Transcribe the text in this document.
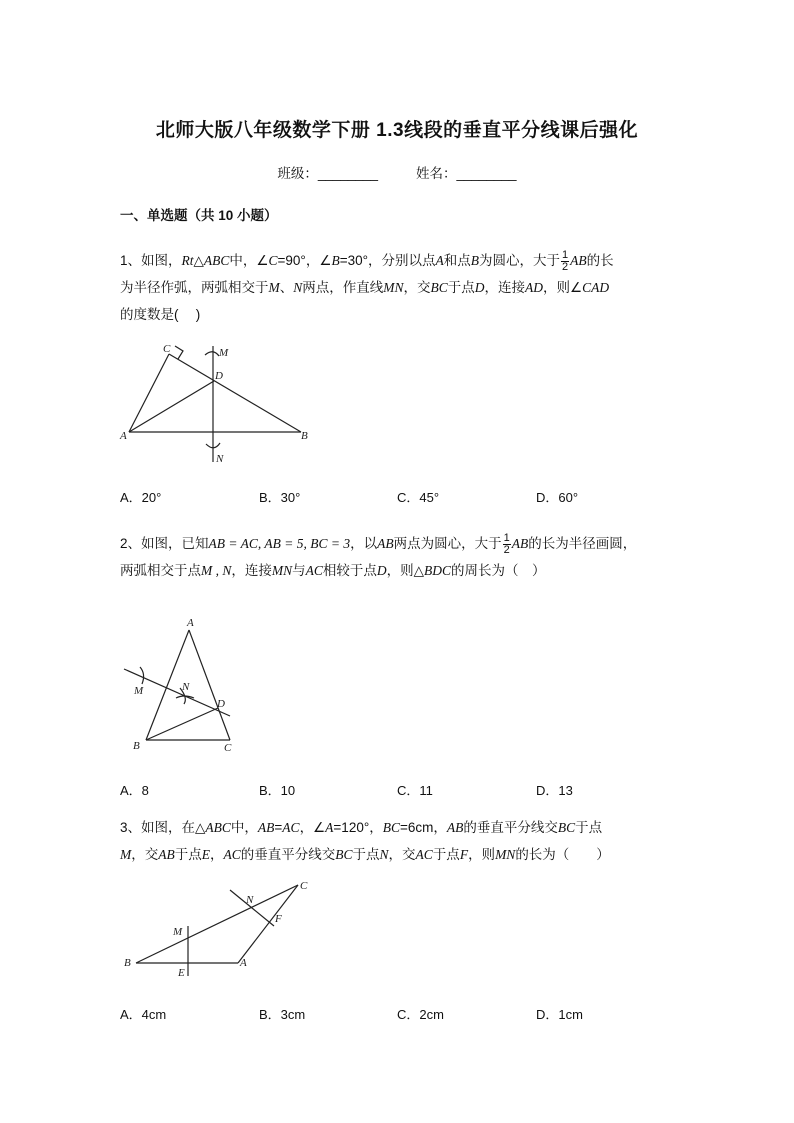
北师大版八年级数学下册 1.3线段的垂直平分线课后强化
班级：________	姓名：________
一、单选题（共 10 小题）
1、如图，Rt△ABC中，∠C=90°，∠B=30°，分别以点A和点B为圆心，大于 $\frac{1}{2}$ AB的长
为半径作弧，两弧相交于M、N两点，作直线MN，交BC于点D，连接AD，则∠CAD
的度数是(　 )
C	M
D
A	B
N
A．20°	B．30°	C．45°	D．60°
2、如图，已知AB = AC, AB = 5, BC = 3，以AB两点为圆心，大于 $\frac{1}{2}$ AB的长为半径画圆，
两弧相交于点M , N，连接MN与AC相较于点D，则△BDC的周长为（　）
A
N
M
D
B	C
A．8	B．10	C．11	D．13
3、如图，在△ABC中，AB=AC，∠A=120°，BC=6cm，AB的垂直平分线交BC于点
M，交AB于点E，AC的垂直平分线交BC于点N，交AC于点F，则MN的长为（　　）
C
N
F
M
B
E
A
A．4cm	B．3cm	C．2cm	D．1cm
